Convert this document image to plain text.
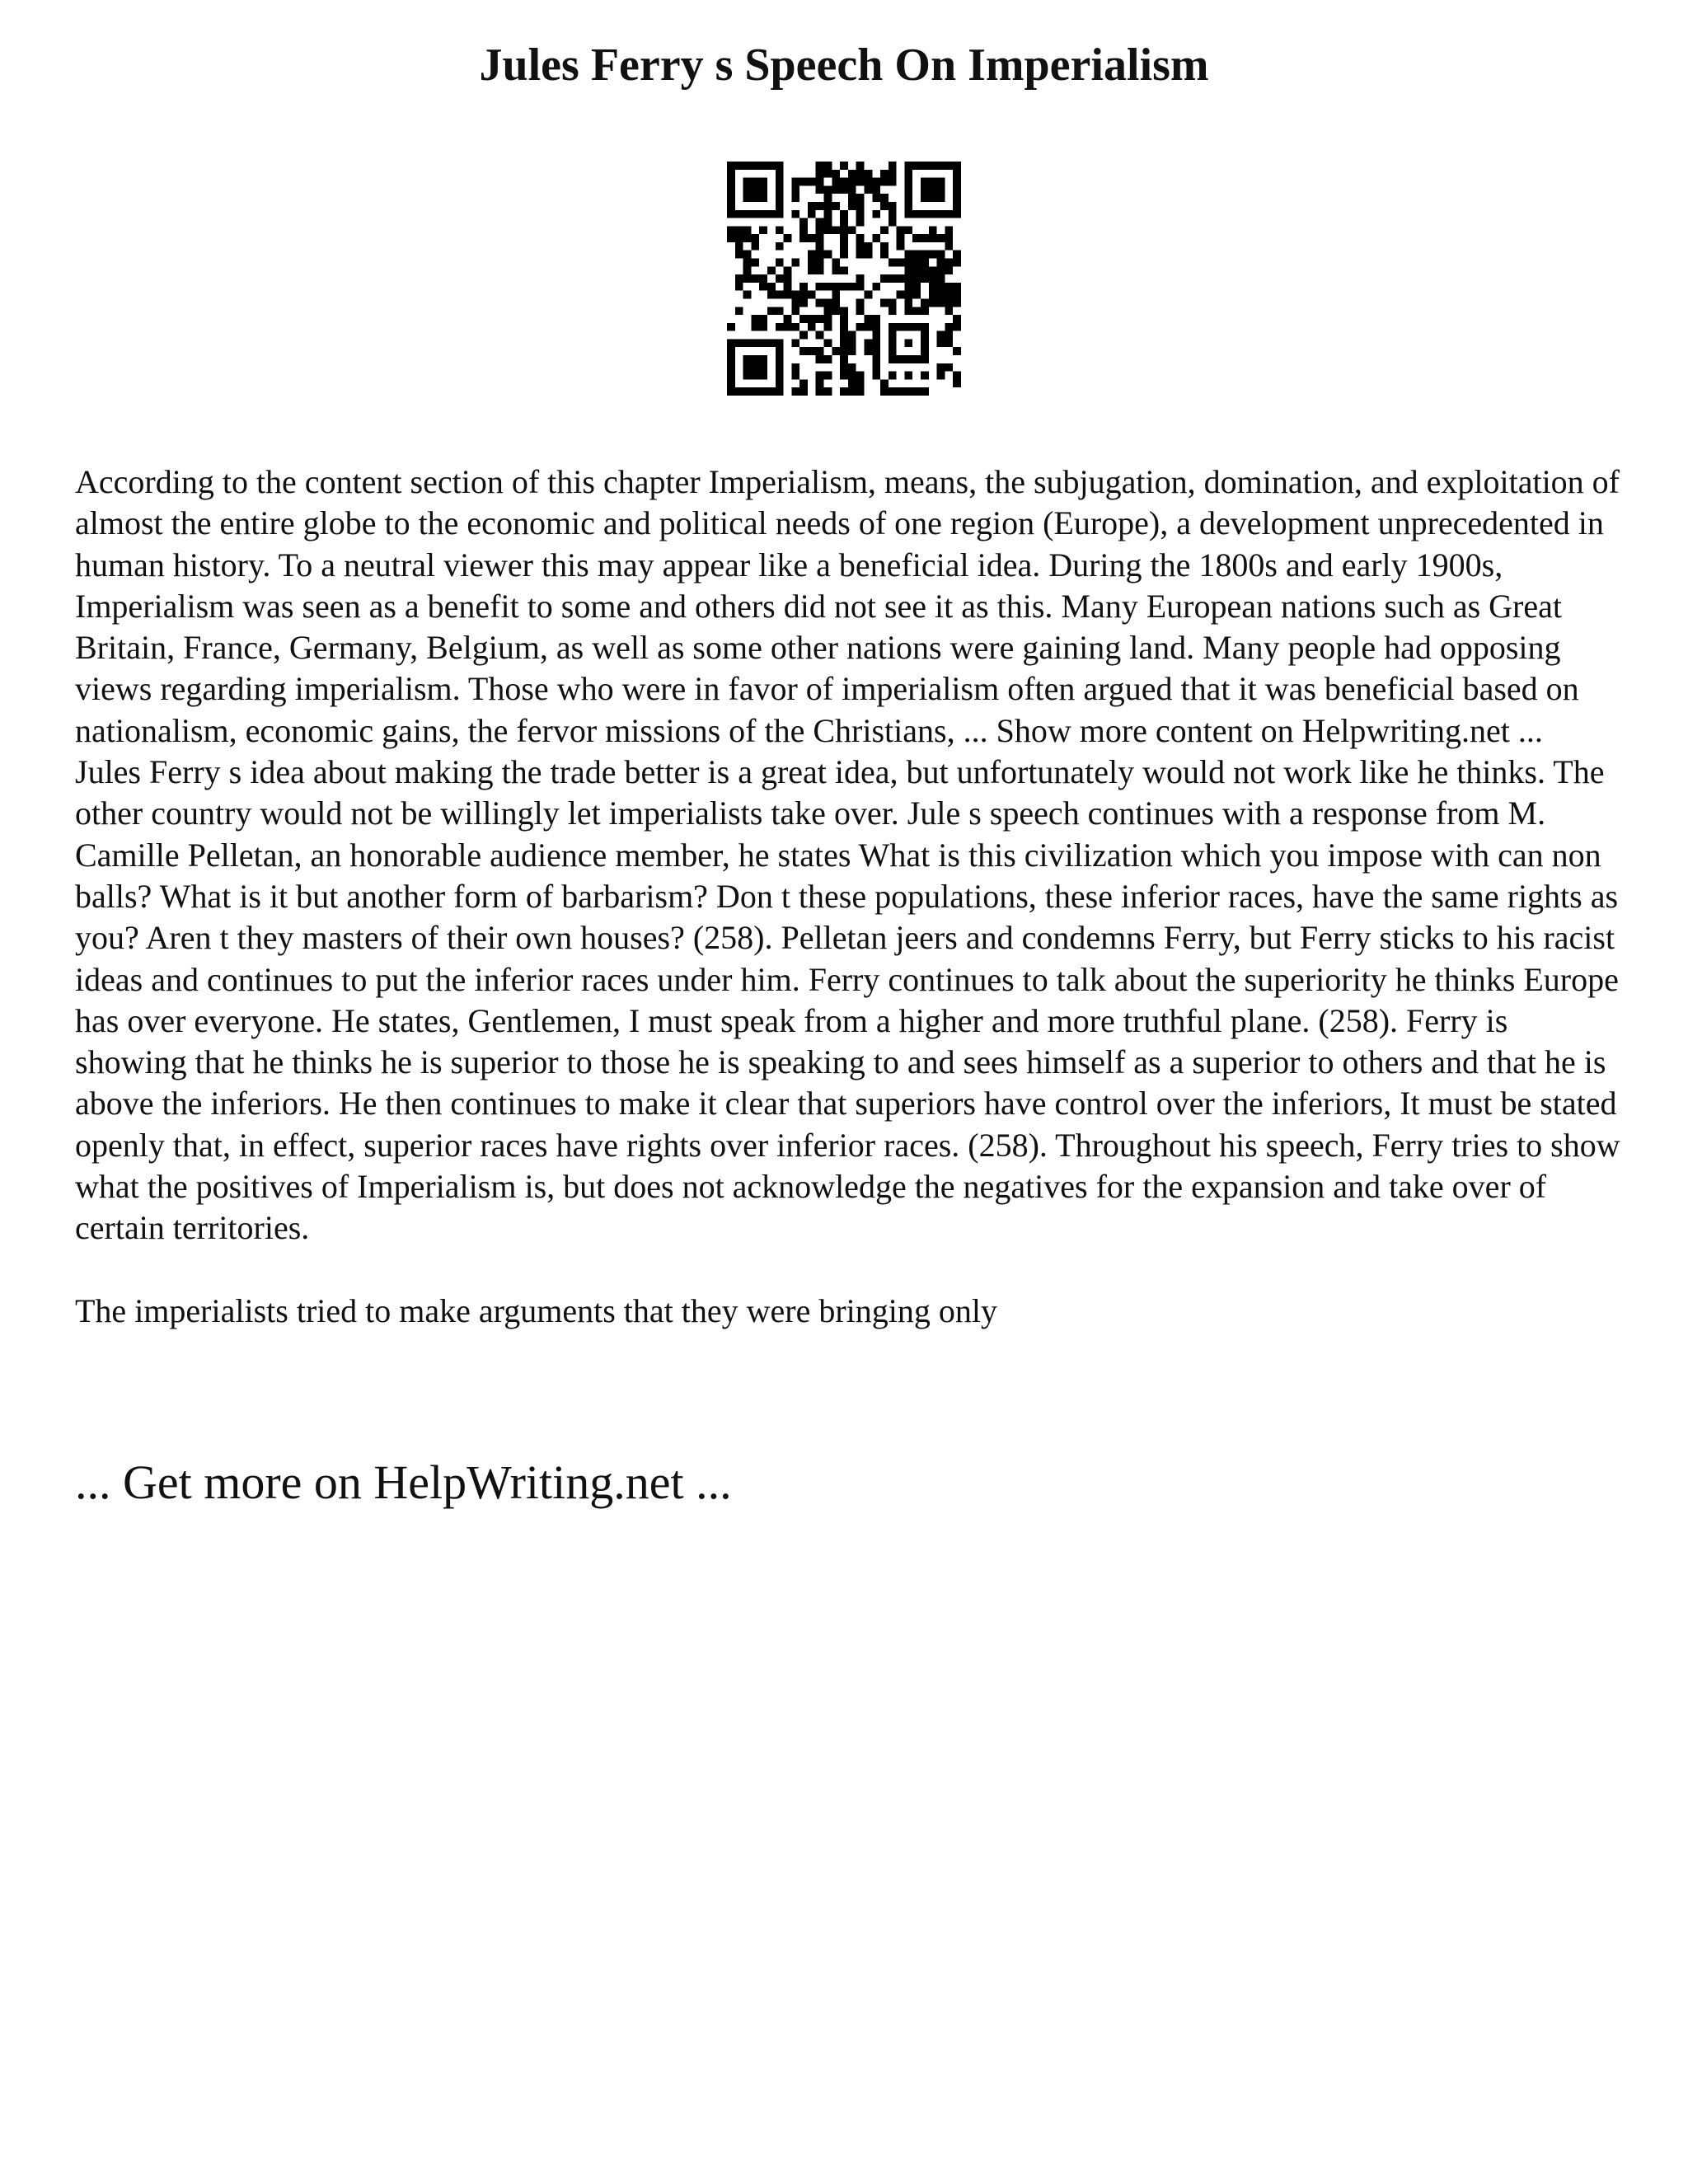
Jules Ferry s Speech On Imperialism

According to the content section of this chapter Imperialism, means, the subjugation, domination, and exploitation of almost the entire globe to the economic and political needs of one region (Europe), a development unprecedented in human history. To a neutral viewer this may appear like a beneficial idea. During the 1800s and early 1900s, Imperialism was seen as a benefit to some and others did not see it as this. Many European nations such as Great Britain, France, Germany, Belgium, as well as some other nations were gaining land. Many people had opposing views regarding imperialism. Those who were in favor of imperialism often argued that it was beneficial based on nationalism, economic gains, the fervor missions of the Christians, ... Show more content on Helpwriting.net ...

Jules Ferry s idea about making the trade better is a great idea, but unfortunately would not work like he thinks. The other country would not be willingly let imperialists take over. Jule s speech continues with a response from M. Camille Pelletan, an honorable audience member, he states What is this civilization which you impose with can non balls? What is it but another form of barbarism? Don t these populations, these inferior races, have the same rights as you? Aren t they masters of their own houses? (258). Pelletan jeers and condemns Ferry, but Ferry sticks to his racist ideas and continues to put the inferior races under him. Ferry continues to talk about the superiority he thinks Europe has over everyone. He states, Gentlemen, I must speak from a higher and more truthful plane. (258). Ferry is showing that he thinks he is superior to those he is speaking to and sees himself as a superior to others and that he is above the inferiors. He then continues to make it clear that superiors have control over the inferiors, It must be stated openly that, in effect, superior races have rights over inferior races. (258). Throughout his speech, Ferry tries to show what the positives of Imperialism is, but does not acknowledge the negatives for the expansion and take over of certain territories.

The imperialists tried to make arguments that they were bringing only

... Get more on HelpWriting.net ...
